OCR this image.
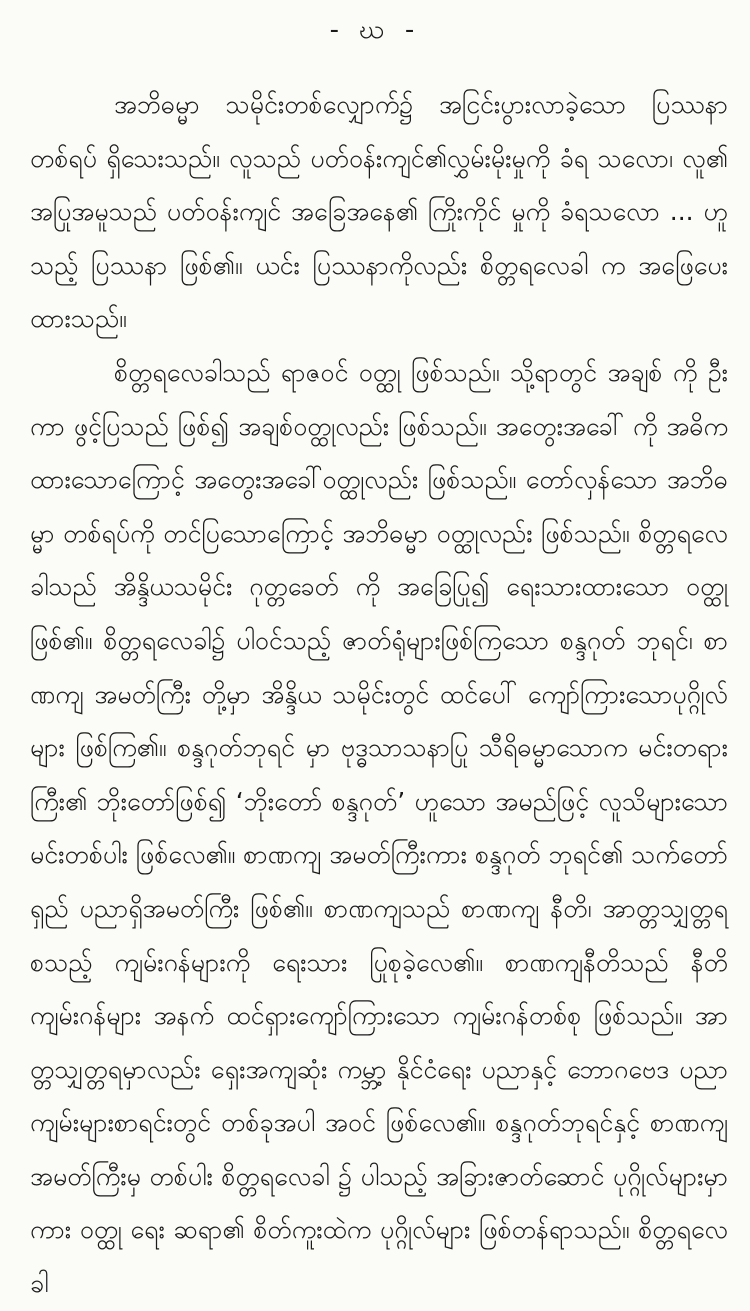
- ဃ -

အဘိဓမ္မာ သမိုင်းတစ်လျှောက်၌ အငြင်းပွားလာခဲ့သော ပြဿနာ တစ်ရပ် ရှိသေးသည်။ လူသည် ပတ်ဝန်းကျင်၏လွှမ်းမိုးမှုကို ခံရ သလော၊ လူ၏ အပြုအမူသည် ပတ်ဝန်းကျင် အခြေအနေ၏ ကြိုးကိုင် မှုကို ခံရသလော ... ဟူသည့် ပြဿနာ ဖြစ်၏။ ယင်း ပြဿနာကိုလည်း စိတ္တရလေခါ က အဖြေပေးထားသည်။

စိတ္တရလေခါသည် ရာဇဝင် ဝတ္ထု ဖြစ်သည်။ သို့ရာတွင် အချစ် ကို ဦးကာ ဖွင့်ပြသည် ဖြစ်၍ အချစ်ဝတ္ထုလည်း ဖြစ်သည်။ အတွေးအခေါ် ကို အဓိက ထားသောကြောင့် အတွေးအခေါ်ဝတ္ထုလည်း ဖြစ်သည်။ တော်လှန်သော အဘိဓမ္မာ တစ်ရပ်ကို တင်ပြသောကြောင့် အဘိဓမ္မာ ဝတ္ထုလည်း ဖြစ်သည်။ စိတ္တရလေခါသည် အိန္ဒိယသမိုင်း ဂုတ္တခေတ် ကို အခြေပြု၍ ရေးသားထားသော ဝတ္ထုဖြစ်၏။ စိတ္တရလေခါ၌ ပါဝင်သည့် ဇာတ်ရုံများဖြစ်ကြသော စန္ဒဂုတ် ဘုရင်၊ စာဏကျ အမတ်ကြီး တို့မှာ အိန္ဒိယ သမိုင်းတွင် ထင်ပေါ် ကျော်ကြားသောပုဂ္ဂိုလ်များ ဖြစ်ကြ၏။ စန္ဒဂုတ်ဘုရင် မှာ ဗုဒ္ဓသာသနာပြု သီရိဓမ္မာသောက မင်းတရားကြီး၏ ဘိုးတော်ဖြစ်၍ ‘ဘိုးတော် စန္ဒဂုတ်’ ဟူသော အမည်ဖြင့် လူသိများသော မင်းတစ်ပါး ဖြစ်လေ၏။ စာဏကျ အမတ်ကြီးကား စန္ဒဂုတ် ဘုရင်၏ သက်တော်ရှည် ပညာရှိအမတ်ကြီး ဖြစ်၏။ စာဏကျသည် စာဏကျ နီတိ၊ အာတ္တသျှတ္တရ စသည့် ကျမ်းဂန်များကို ရေးသား ပြုစုခဲ့လေ၏။ စာဏကျနီတိသည် နီတိကျမ်းဂန်များ အနက် ထင်ရှားကျော်ကြားသော ကျမ်းဂန်တစ်စု ဖြစ်သည်။ အာတ္တသျှတ္တရမှာလည်း ရှေးအကျဆုံး ကမ္ဘာ့ နိုင်ငံရေး ပညာနှင့် ဘောဂဗေဒ ပညာ ကျမ်းများစာရင်းတွင် တစ်ခုအပါ အဝင် ဖြစ်လေ၏။ စန္ဒဂုတ်ဘုရင်နှင့် စာဏကျ အမတ်ကြီးမှ တစ်ပါး စိတ္တရလေခါ ၌ ပါသည့် အခြားဇာတ်ဆောင် ပုဂ္ဂိုလ်များမှာကား ဝတ္ထု ရေး ဆရာ၏ စိတ်ကူးထဲက ပုဂ္ဂိုလ်များ ဖြစ်တန်ရာသည်။ စိတ္တရလေခါ
